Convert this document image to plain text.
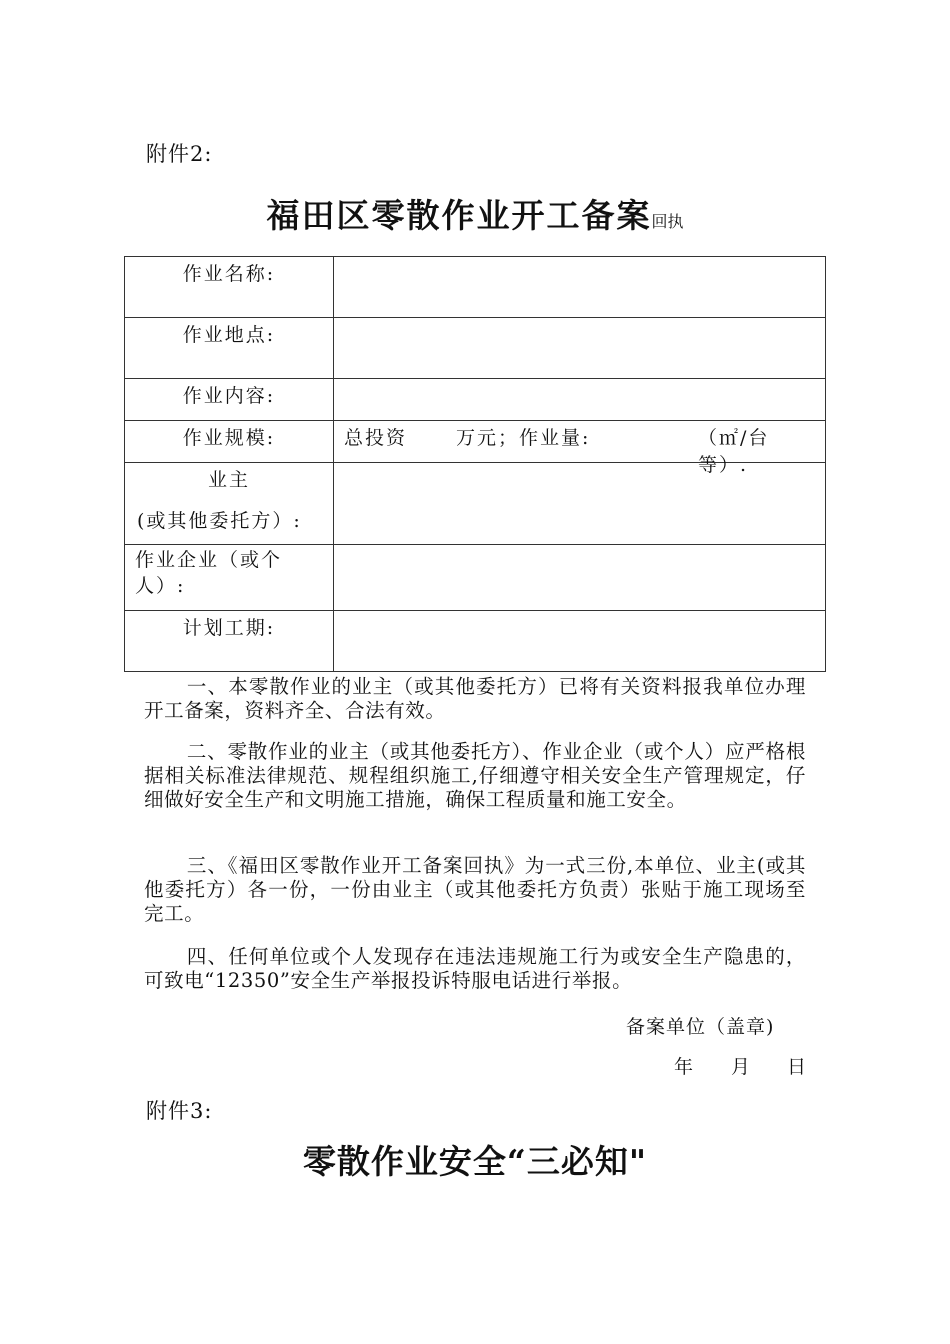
附件2:
福田区零散作业开工备案回执
作业名称:	
作业地点:	
作业内容:	
作业规模:	总投资 万元；作业量: （㎡/台等）.

业主
(或其他委托方）:	

作业企业（或个人）:	
计划工期:	

一、本零散作业的业主（或其他委托方）已将有关资料报我单位办理开工备案，资料齐全、合法有效。

二、零散作业的业主（或其他委托方）、作业企业（或个人）应严格根据相关标准法律规范、规程组织施工,仔细遵守相关安全生产管理规定，仔细做好安全生产和文明施工措施，确保工程质量和施工安全。

三、《福田区零散作业开工备案回执》为一式三份,本单位、业主(或其他委托方）各一份，一份由业主（或其他委托方负责）张贴于施工现场至完工。

四、任何单位或个人发现存在违法违规施工行为或安全生产隐患的，可致电“12350”安全生产举报投诉特服电话进行举报。

备案单位（盖章)
年 月 日
附件3:
零散作业安全“三必知"
